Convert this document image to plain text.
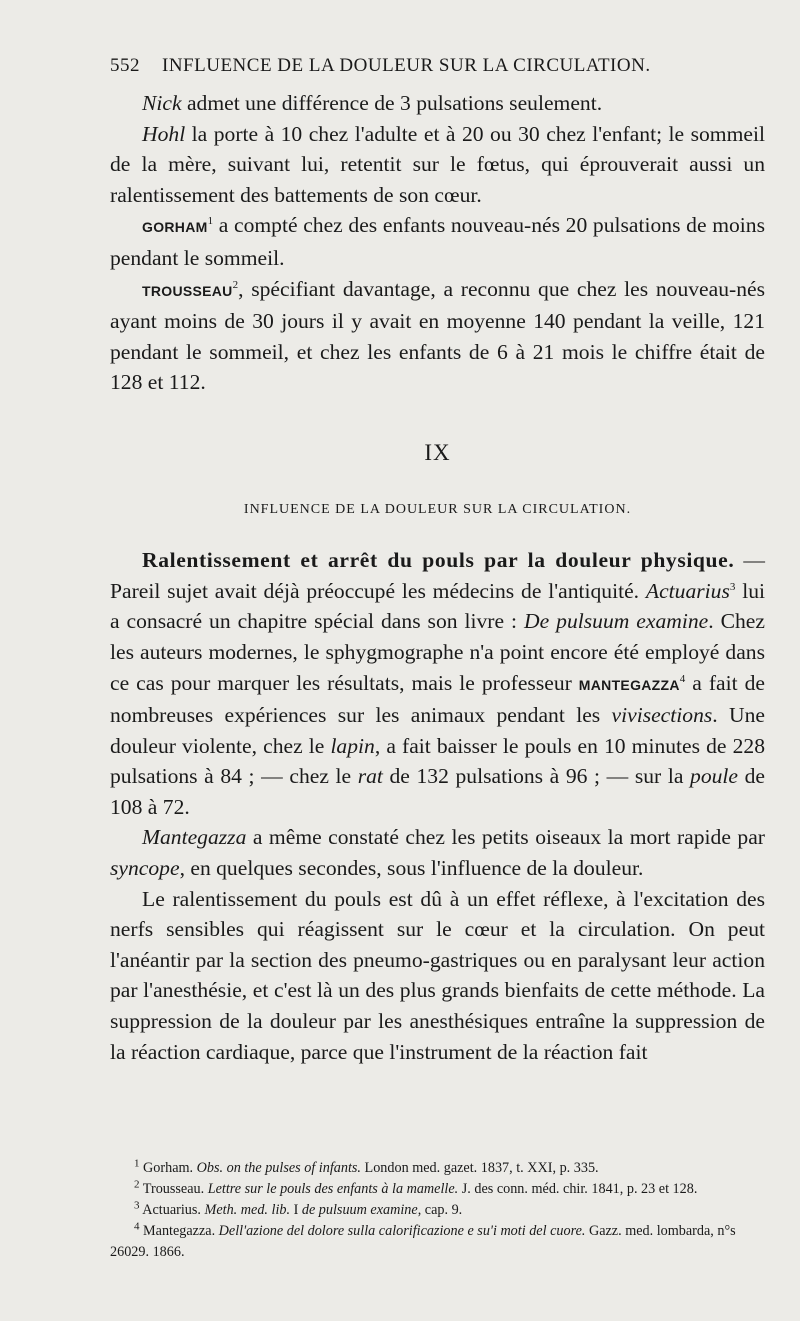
552 INFLUENCE DE LA DOULEUR SUR LA CIRCULATION.

Nick admet une différence de 3 pulsations seulement.

Hohl la porte à 10 chez l'adulte et à 20 ou 30 chez l'enfant; le sommeil de la mère, suivant lui, retentit sur le fœtus, qui éprouverait aussi un ralentissement des battements de son cœur.

GORHAM$^1$ a compté chez des enfants nouveau-nés 20 pulsations de moins pendant le sommeil.

TROUSSEAU$^2$, spécifiant davantage, a reconnu que chez les nouveau-nés ayant moins de 30 jours il y avait en moyenne 140 pendant la veille, 121 pendant le sommeil, et chez les enfants de 6 à 21 mois le chiffre était de 128 et 112.

IX
INFLUENCE DE LA DOULEUR SUR LA CIRCULATION.

Ralentissement et arrêt du pouls par la douleur physique. — Pareil sujet avait déjà préoccupé les médecins de l'antiquité. Actuarius$^3$ lui a consacré un chapitre spécial dans son livre : De pulsuum examine. Chez les auteurs modernes, le sphygmographe n'a point encore été employé dans ce cas pour marquer les résultats, mais le professeur MANTEGAZZA$^4$ a fait de nombreuses expériences sur les animaux pendant les vivisections. Une douleur violente, chez le lapin, a fait baisser le pouls en 10 minutes de 228 pulsations à 84 ; — chez le rat de 132 pulsations à 96 ; — sur la poule de 108 à 72.

Mantegazza a même constaté chez les petits oiseaux la mort rapide par syncope, en quelques secondes, sous l'influence de la douleur.

Le ralentissement du pouls est dû à un effet réflexe, à l'excitation des nerfs sensibles qui réagissent sur le cœur et la circulation. On peut l'anéantir par la section des pneumo-gastriques ou en paralysant leur action par l'anesthésie, et c'est là un des plus grands bienfaits de cette méthode. La suppression de la douleur par les anesthésiques entraîne la suppression de la réaction cardiaque, parce que l'instrument de la réaction fait

$^1$ Gorham. Obs. on the pulses of infants. London med. gazet. 1837, t. XXI, p. 335.

$^2$ Trousseau. Lettre sur le pouls des enfants à la mamelle. J. des conn. méd. chir. 1841, p. 23 et 128.

$^3$ Actuarius. Meth. med. lib. I de pulsuum examine, cap. 9.

$^4$ Mantegazza. Dell'azione del dolore sulla calorificazione e su'i moti del cuore. Gazz. med. lombarda, n°s 26029. 1866.
